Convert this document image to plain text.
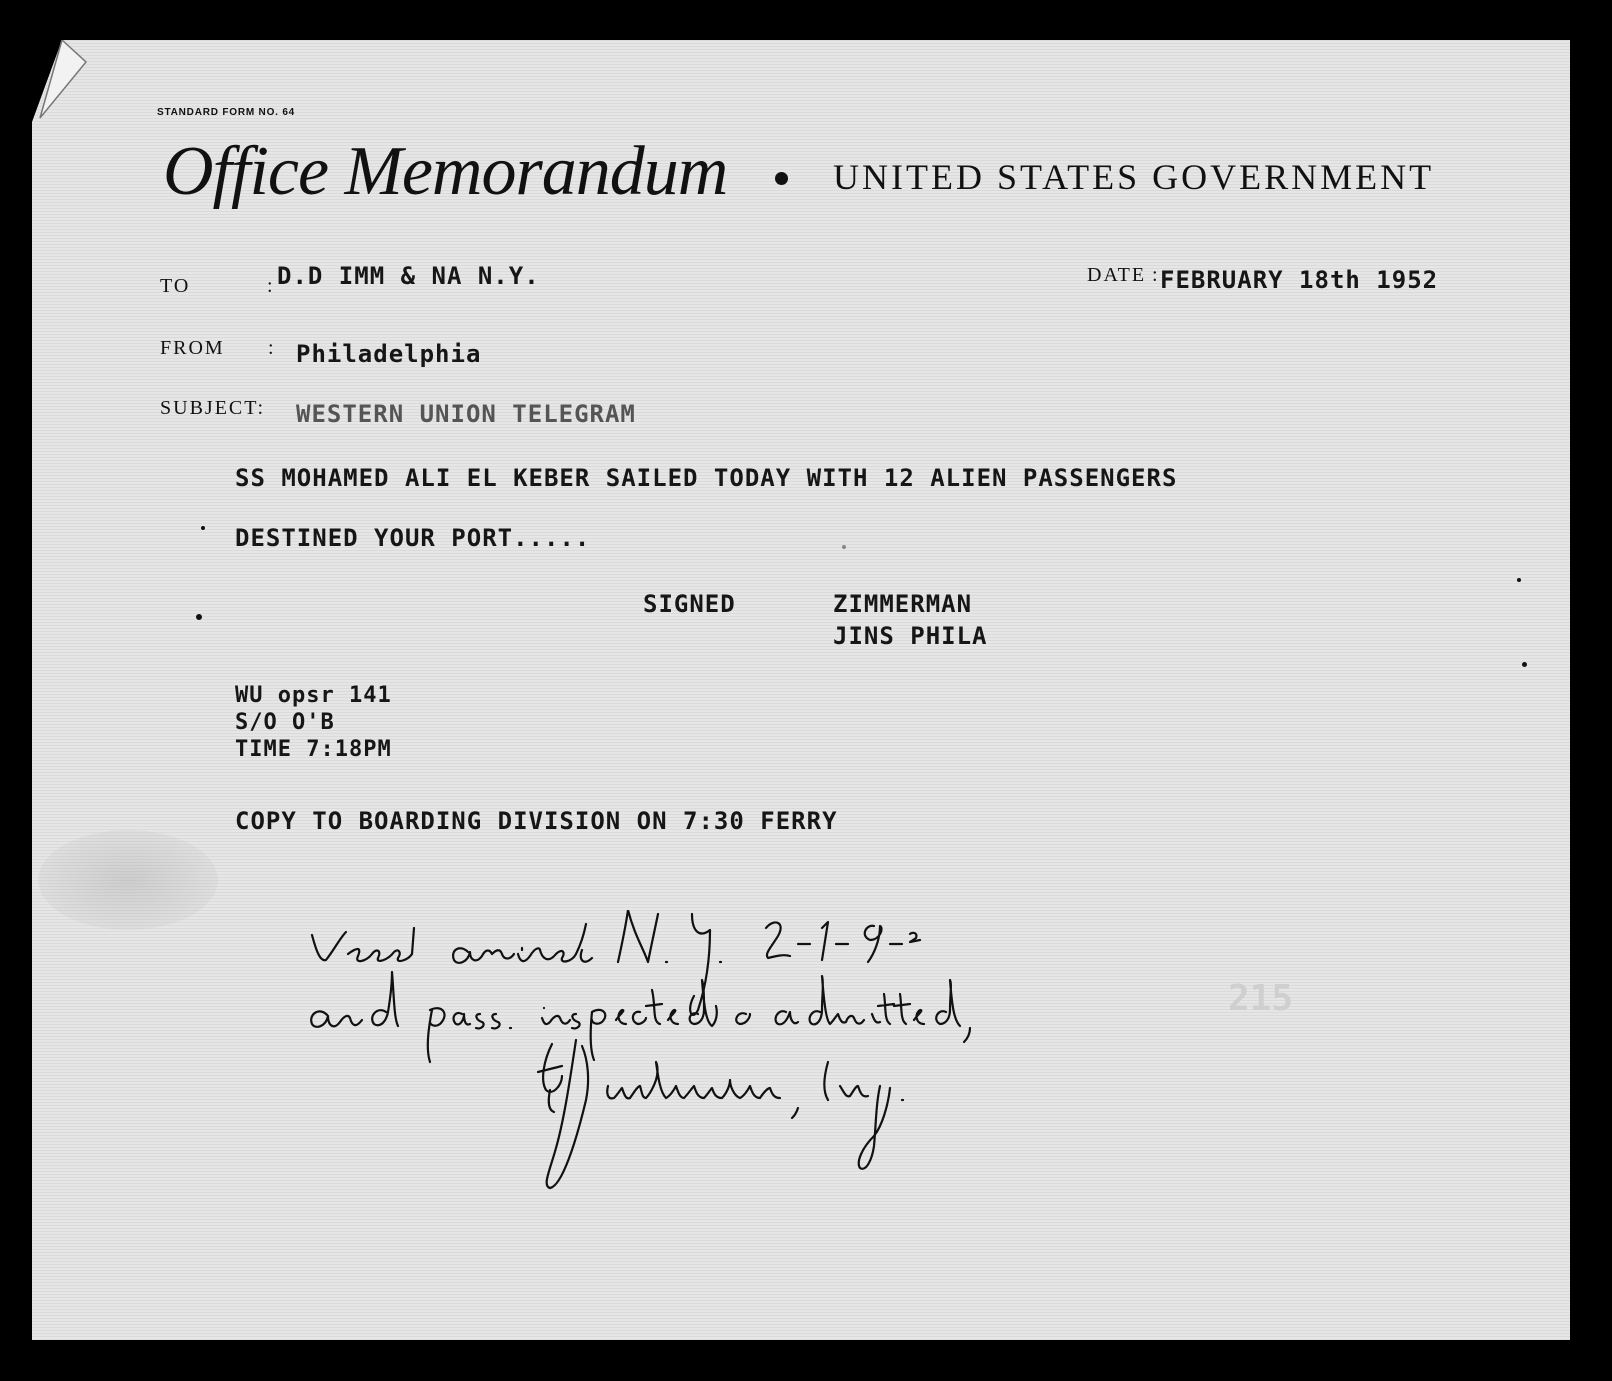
STANDARD FORM NO. 64
Office Memorandum	UNITED STATES GOVERNMENT
TO	: D.D IMM & NA N.Y.	DATE : FEBRUARY 18th 1952
FROM : Philadelphia
SUBJECT: WESTERN UNION TELEGRAM
SS MOHAMED ALI EL KEBER SAILED TODAY WITH 12 ALIEN PASSENGERS
DESTINED YOUR PORT.....
SIGNED	ZIMMERMAN
JINS PHILA
WU opsr 141
S/O O'B
TIME 7:18PM
COPY TO BOARDING DIVISION ON 7:30 FERRY
215
